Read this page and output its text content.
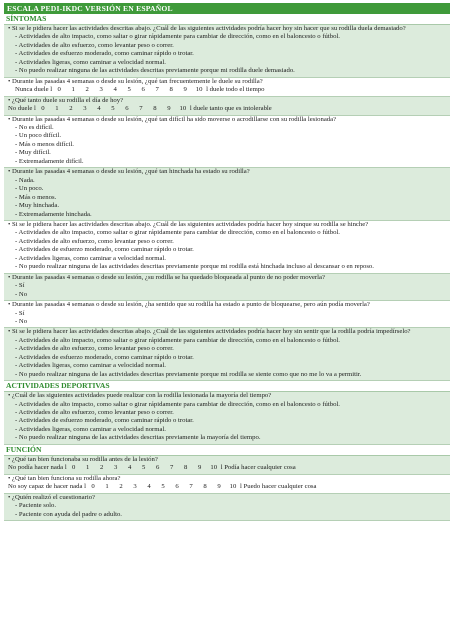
ESCALA PEDI-IKDC VERSIÓN EN ESPAÑOL
SÍNTOMAS
• Si se le pidiera hacer las actividades descritas abajo. ¿Cuál de las siguientes actividades podría hacer hoy sin hacer que su rodilla duela demasiado?
- Actividades de alto impacto, como saltar o girar rápidamente para cambiar de dirección, como en el baloncesto o fútbol.
- Actividades de alto esfuerzo, como levantar peso o correr.
- Actividades de esfuerzo moderado, como caminar rápido o trotar.
- Actividades ligeras, como caminar a velocidad normal.
- No puedo realizar ninguna de las actividades descritas previamente porque mi rodilla duele demasiado.
• Durante las pasadas 4 semanas o desde su lesión, ¿qué tan frecuentemente le duele su rodilla?
Nunca duele l 0 1 2 3 4 5 6 7 8 9 10 l duele todo el tiempo
• ¿Qué tanto duele su rodilla el día de hoy?
No duele l 0 1 2 3 4 5 6 7 8 9 10 l duele tanto que es intolerable
• Durante las pasadas 4 semanas o desde su lesión, ¿qué tan difícil ha sido moverse o acrodillarse con su rodilla lesionada?
- No es difícil.
- Un poco difícil.
- Más o menos difícil.
- Muy difícil.
- Extremadamente difícil.
• Durante las pasadas 4 semanas o desde su lesión, ¿qué tan hinchada ha estado su rodilla?
- Nada.
- Un poco.
- Más o menos.
- Muy hinchada.
- Extremadamente hinchada.
• Si se le pidiera hacer las actividades descritas abajo. ¿Cuál de las siguientes actividades podría hacer hoy sinque su rodilla se hinche?
- Actividades de alto impacto, como saltar o girar rápidamente para cambiar de dirección, como en el baloncesto o fútbol.
- Actividades de alto esfuerzo, como levantar peso o correr.
- Actividades de esfuerzo moderado, como caminar rápido o trotar.
- Actividades ligeras, como caminar a velocidad normal.
- No puedo realizar ninguna de las actividades descritas previamente porque mi rodilla está hinchada incluso al descansar o en reposo.
• Durante las pasadas 4 semanas o desde su lesión, ¿su rodilla se ha quedado bloqueada al punto de no poder moverla?
- Sí
- No
• Durante las pasadas 4 semanas o desde su lesión, ¿ha sentido que su rodilla ha estado a punto de bloquearse, pero aún podía moverla?
- Sí
- No
• Si se le pidiera hacer las actividades descritas abajo. ¿Cuál de las siguientes actividades podría hacer hoy sin sentir que la rodilla podría impedírselo?
- Actividades de alto impacto, como saltar o girar rápidamente para cambiar de dirección, como en el baloncesto o fútbol.
- Actividades de alto esfuerzo, como levantar peso o correr.
- Actividades de esfuerzo moderado, como caminar rápido o trotar.
- Actividades ligeras, como caminar a velocidad normal.
- No puedo realizar ninguna de las actividades descritas previamente porque mi rodilla se siente como que no me lo va a permitir.
ACTIVIDADES DEPORTIVAS
• ¿Cuál de las siguientes actividades puede realizar con la rodilla lesionada la mayoría del tiempo?
- Actividades de alto impacto, como saltar o girar rápidamente para cambiar de dirección, como en el baloncesto o fútbol.
- Actividades de alto esfuerzo, como levantar peso o correr.
- Actividades de esfuerzo moderado, como caminar rápido o trotar.
- Actividades ligeras, como caminar a velocidad normal.
- No puedo realizar ninguna de las actividades descritas previamente la mayoría del tiempo.
FUNCIÓN
• ¿Qué tan bien funcionaba su rodilla antes de la lesión?
No podía hacer nada l 0 1 2 3 4 5 6 7 8 9 10 l Podía hacer cualquier cosa
• ¿Qué tan bien funciona su rodilla ahora?
No soy capaz de hacer nada l 0 1 2 3 4 5 6 7 8 9 10 l Puedo hacer cualquier cosa
• ¿Quién realizó el cuestionario?
- Paciente solo.
- Paciente con ayuda del padre o adulto.
